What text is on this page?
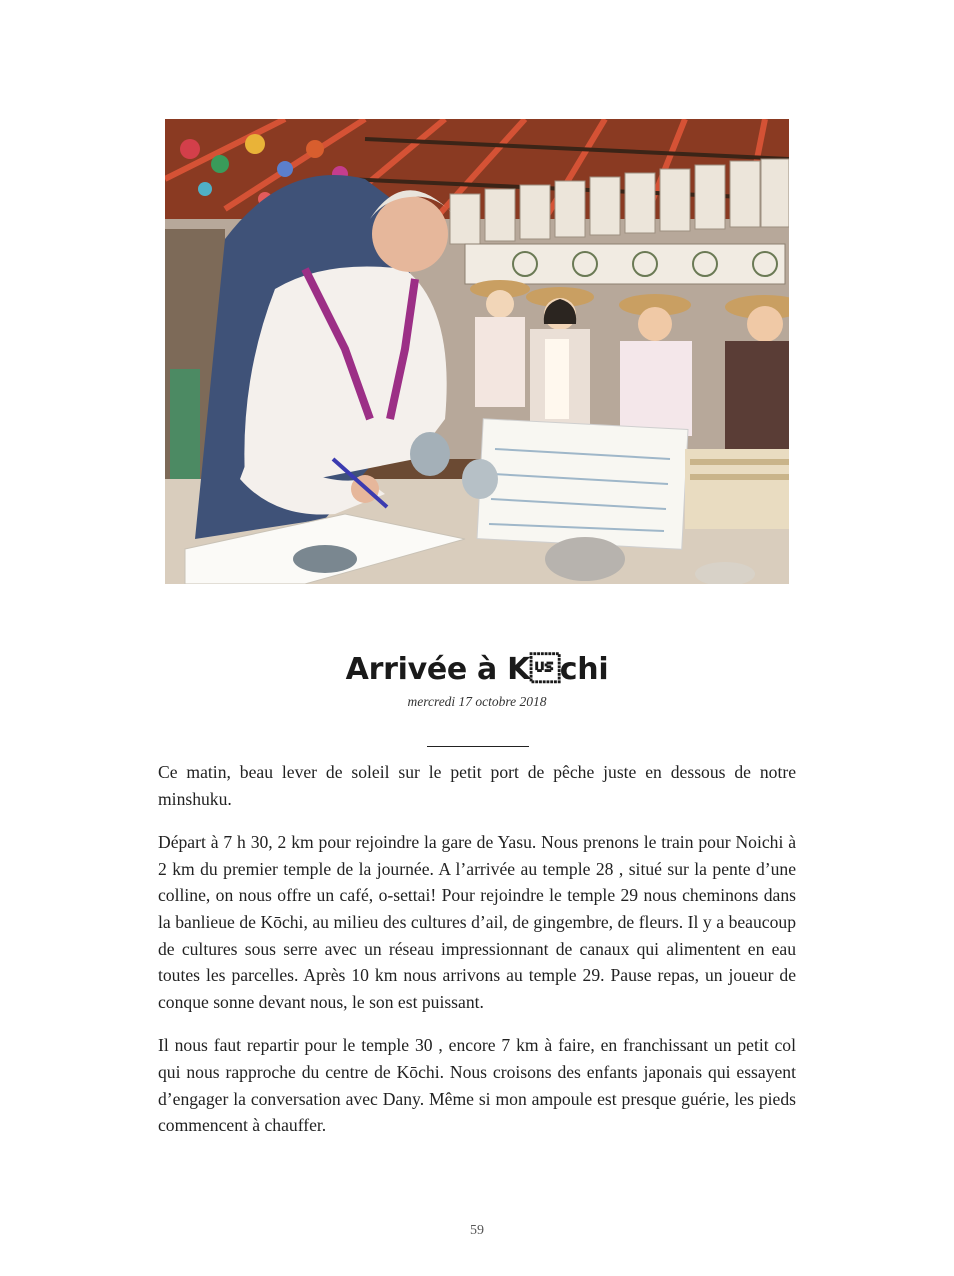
Arrivée à Kchi
mercredi 17 octobre 2018

Ce matin, beau lever de soleil sur le petit port de pêche juste en dessous de notre minshuku.

Départ à 7 h 30, 2 km pour rejoindre la gare de Yasu. Nous prenons le train pour Noichi à 2 km du premier temple de la journée. A l’arrivée au temple 28 , situé sur la pente d’une colline, on nous offre un café, o-settai! Pour rejoindre le temple 29 nous cheminons dans la banlieue de Kōchi, au milieu des cultures d’ail, de gingembre, de fleurs. Il y a beaucoup de cultures sous serre avec un réseau impressionnant de canaux qui alimentent en eau toutes les parcelles. Après 10 km nous arrivons au temple 29. Pause repas, un joueur de conque sonne devant nous, le son est puissant.

Il nous faut repartir pour le temple 30 , encore 7 km à faire, en franchissant un petit col qui nous rapproche du centre de Kōchi. Nous croisons des enfants japonais qui essayent d’engager la conversation avec Dany. Même si mon ampoule est presque guérie, les pieds commencent à chauffer.

59
